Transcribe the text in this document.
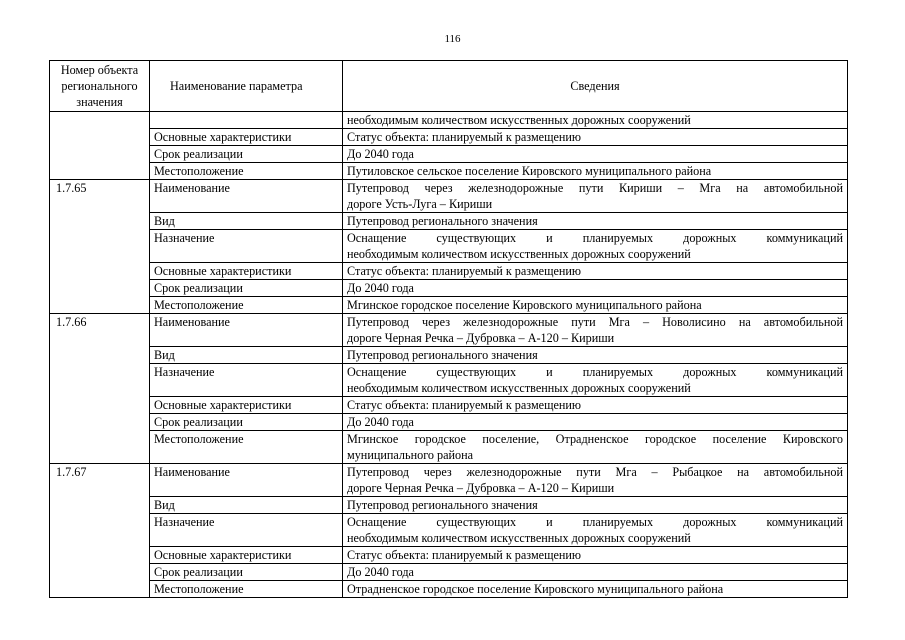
116
Номер объекта регионального значения	Наименование параметра	Сведения
		необходимым количеством искусственных дорожных сооружений
	Основные характеристики	Статус объекта: планируемый к размещению
	Срок реализации	До 2040 года
	Местоположение	Путиловское сельское поселение Кировского муниципального района
1.7.65	Наименование	Путепровод через железнодорожные пути Кириши – Мга на автомобильной
дороге Усть-Луга – Кириши

	Вид	Путепровод регионального значения

	Назначение	Оснащение существующих и планируемых дорожных коммуникаций
необходимым количеством искусственных дорожных сооружений

	Основные характеристики	Статус объекта: планируемый к размещению

	Срок реализации	До 2040 года

	Местоположение	Мгинское городское поселение Кировского муниципального района

1.7.66	Наименование	Путепровод через железнодорожные пути Мга – Новолисино на автомобильной
дороге Черная Речка – Дубровка – А-120 – Кириши

	Вид	Путепровод регионального значения

	Назначение	Оснащение существующих и планируемых дорожных коммуникаций
необходимым количеством искусственных дорожных сооружений

	Основные характеристики	Статус объекта: планируемый к размещению

	Срок реализации	До 2040 года

	Местоположение	Мгинское городское поселение, Отрадненское городское поселение Кировского
муниципального района

1.7.67	Наименование	Путепровод через железнодорожные пути Мга – Рыбацкое на автомобильной
дороге Черная Речка – Дубровка – А-120 – Кириши

	Вид	Путепровод регионального значения

	Назначение	Оснащение существующих и планируемых дорожных коммуникаций
необходимым количеством искусственных дорожных сооружений

	Основные характеристики	Статус объекта: планируемый к размещению

	Срок реализации	До 2040 года

	Местоположение	Отрадненское городское поселение Кировского муниципального района
